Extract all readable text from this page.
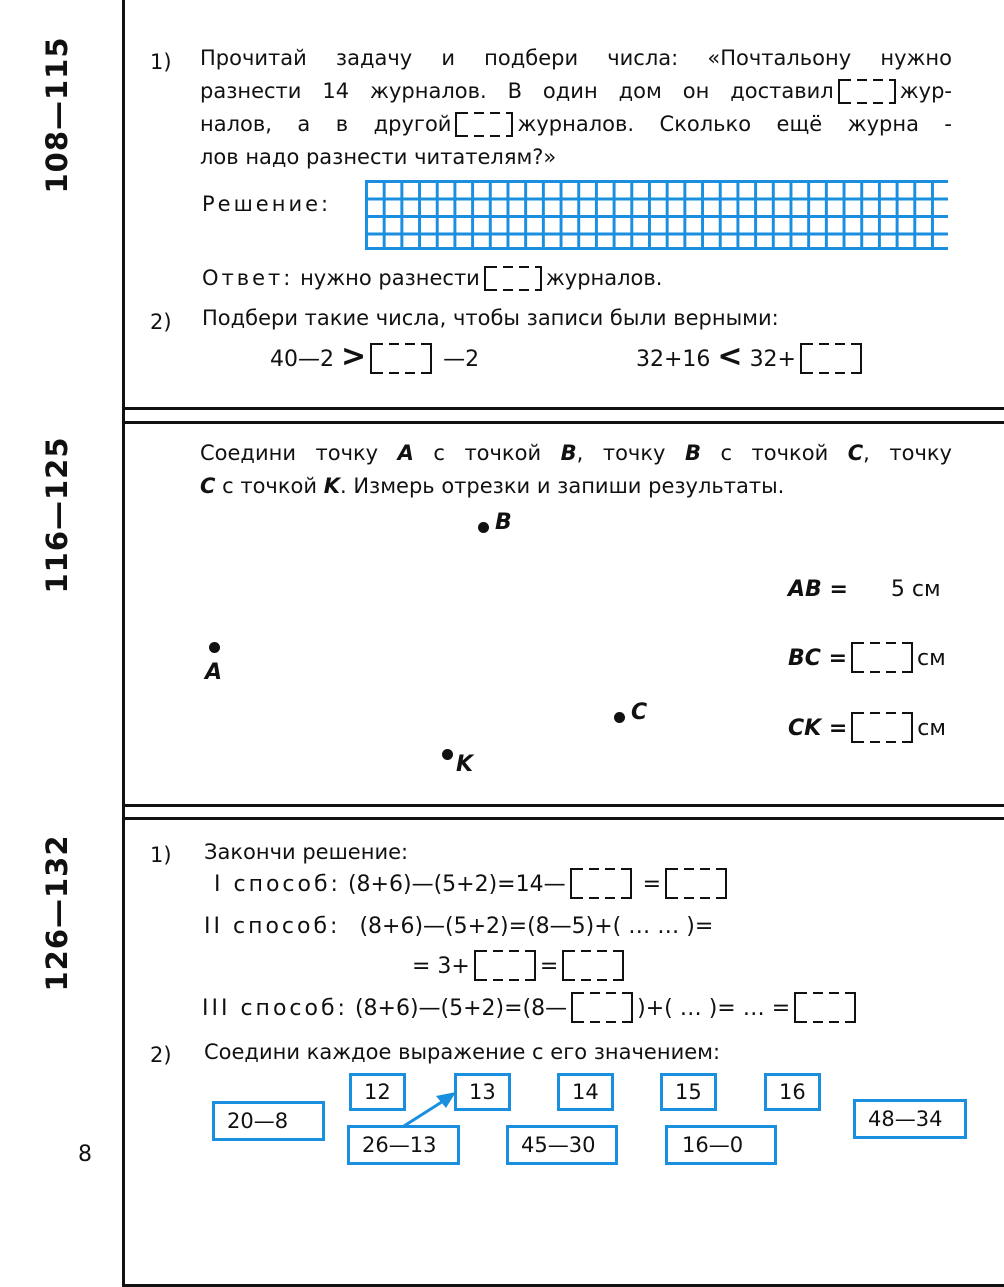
108—115	1) Прочитай задачу и подбери числа: «Почтальону нужно
разнести 14 журналов. В один дом он доставил	жур-
налов, а в другой	журналов. Сколько ещё журна -
лов надо разнести читателям?»
Решение:
Ответ: нужно разнести	журналов.
2) Подбери такие числа, чтобы записи были верными:
40—2 >	—2	32+16 < 32+
116—125	Соедини точку A с точкой B, точку B с точкой C, точку
C с точкой K. Измерь отрезки и запиши результаты.
B
A
C
K
AB = 5 см
BC =	см
CK =	см
126—132	1) Закончи решение:
I способ: (8+6)—(5+2)=14—	=
II способ: (8+6)—(5+2)=(8—5)+( … … )=
= 3+	=
III способ: (8+6)—(5+2)=(8—	)+( … )= … =
2) Соедини каждое выражение с его значением:
12	13	14	15	16
20—8
26—13	45—30	16—0
48—34
8
